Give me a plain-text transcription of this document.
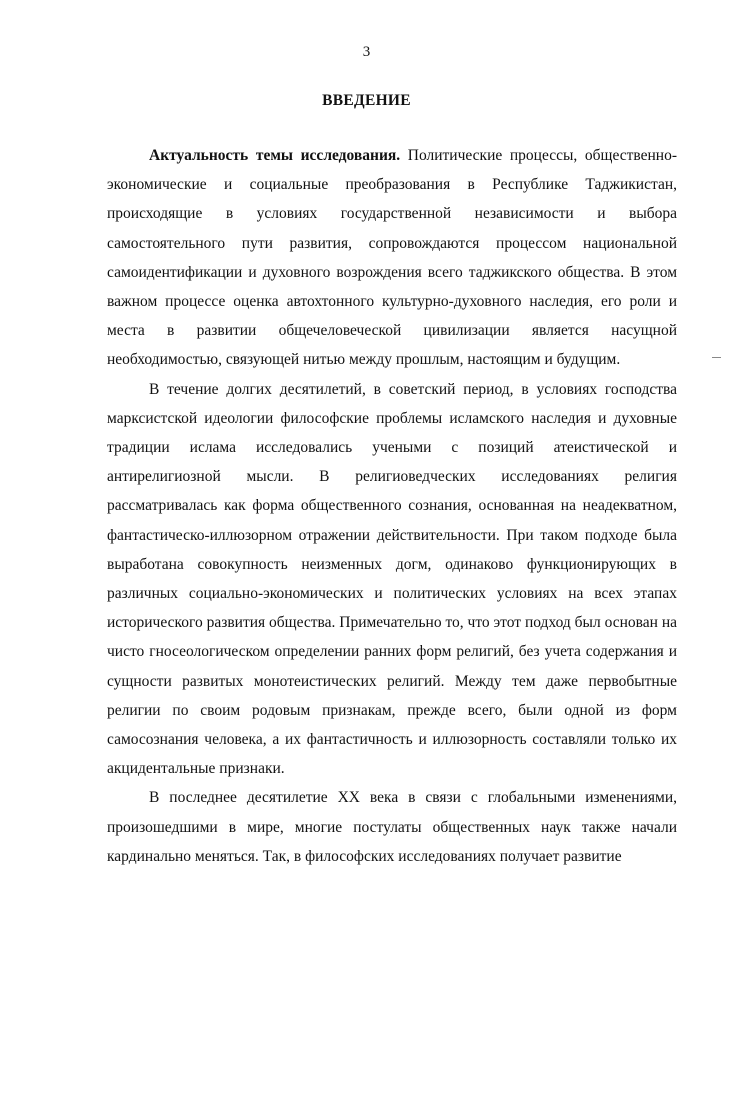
3
ВВЕДЕНИЕ

Актуальность темы исследования. Политические процессы, общественно-экономические и социальные преобразования в Республике Таджикистан, происходящие в условиях государственной независимости и выбора самостоятельного пути развития, сопровождаются процессом национальной самоидентификации и духовного возрождения всего таджикского общества. В этом важном процессе оценка автохтонного культурно-духовного наследия, его роли и места в развитии общечеловеческой цивилизации является насущной необходимостью, связующей нитью между прошлым, настоящим и будущим.

В течение долгих десятилетий, в советский период, в условиях господства марксистской идеологии философские проблемы исламского наследия и духовные традиции ислама исследовались учеными с позиций атеистической и антирелигиозной мысли. В религиоведческих исследованиях религия рассматривалась как форма общественного сознания, основанная на неадекватном, фантастическо-иллюзорном отражении действительности. При таком подходе была выработана совокупность неизменных догм, одинаково функционирующих в различных социально-экономических и политических условиях на всех этапах исторического развития общества. Примечательно то, что этот подход был основан на чисто гносеологическом определении ранних форм религий, без учета содержания и сущности развитых монотеистических религий. Между тем даже первобытные религии по своим родовым признакам, прежде всего, были одной из форм самосознания человека, а их фантастичность и иллюзорность составляли только их акцидентальные признаки.

В последнее десятилетие XX века в связи с глобальными изменениями, произошедшими в мире, многие постулаты общественных наук также начали кардинально меняться. Так, в философских исследованиях получает развитие
